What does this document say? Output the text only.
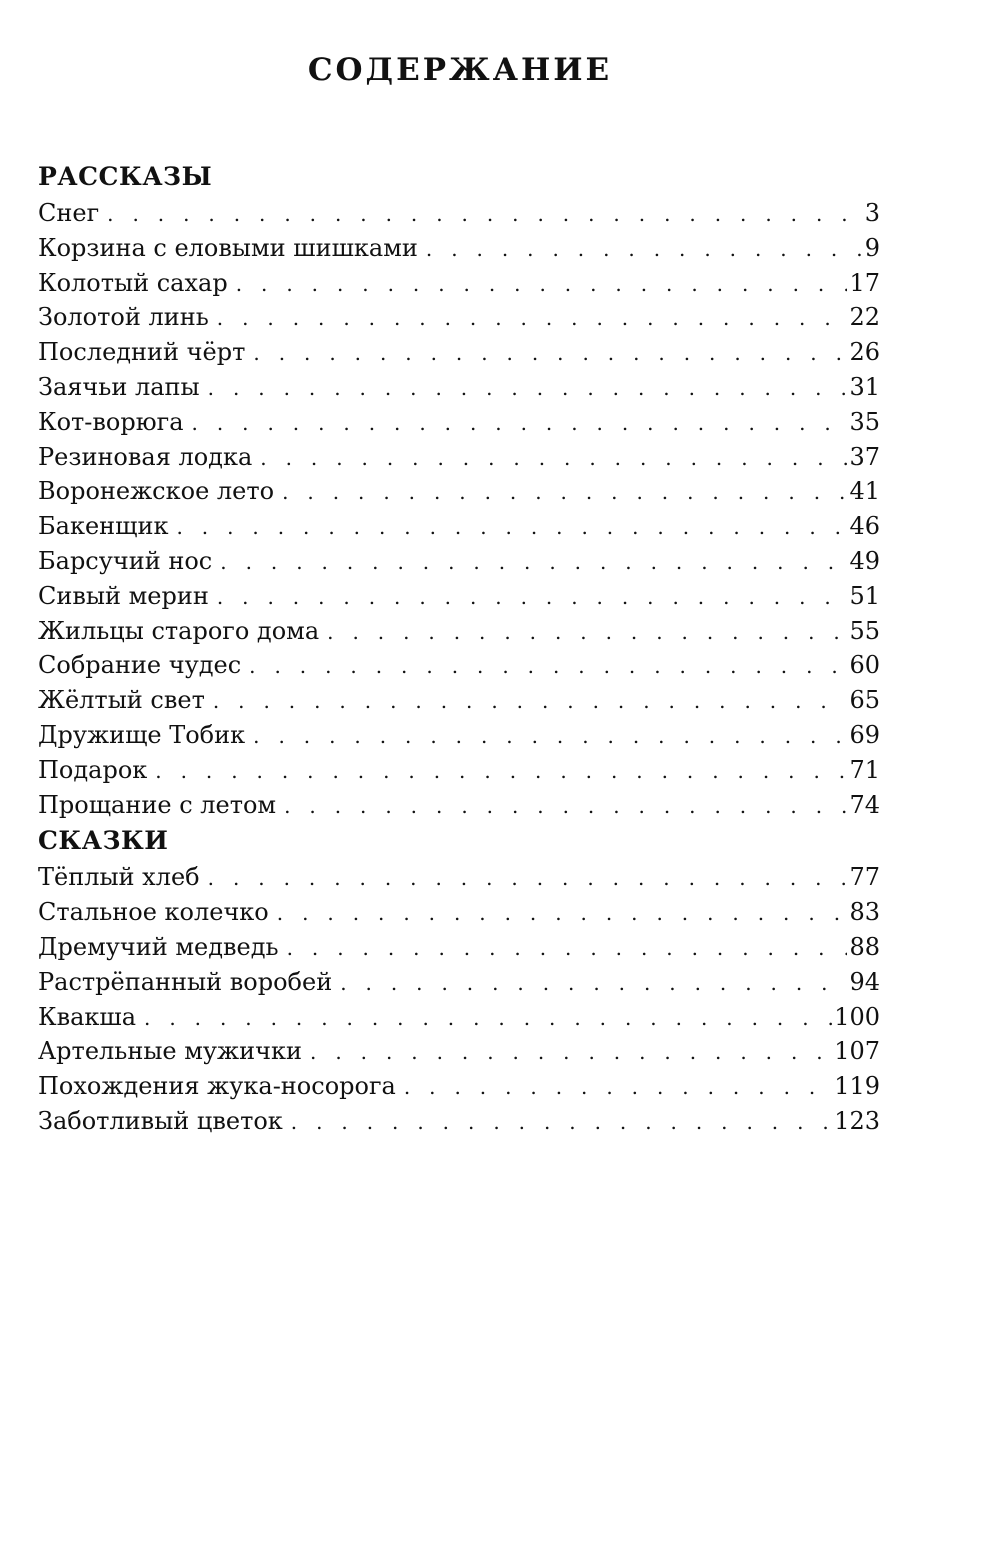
СОДЕРЖАНИЕ
РАССКАЗЫ
Снег . . .	3
Корзина с еловыми шишками . . .	9
Колотый сахар . . .	17
Золотой линь . . .	22
Последний чёрт . . .	26
Заячьи лапы . . .	31
Кот-ворюга . . .	35
Резиновая лодка . . .	37
Воронежское лето . . .	41
Бакенщик . . .	46
Барсучий нос . . .	49
Сивый мерин . . .	51
Жильцы старого дома . . .	55
Собрание чудес . . .	60
Жёлтый свет . . .	65
Дружище Тобик . . .	69
Подарок . . .	71
Прощание с летом . . .	74
СКАЗКИ
Тёплый хлеб . . .	77
Стальное колечко . . .	83
Дремучий медведь . . .	88
Растрёпанный воробей . . .	94
Квакша . . .	100
Артельные мужички . . .	107
Похождения жука-носорога . . .	119
Заботливый цветок . . .	123
